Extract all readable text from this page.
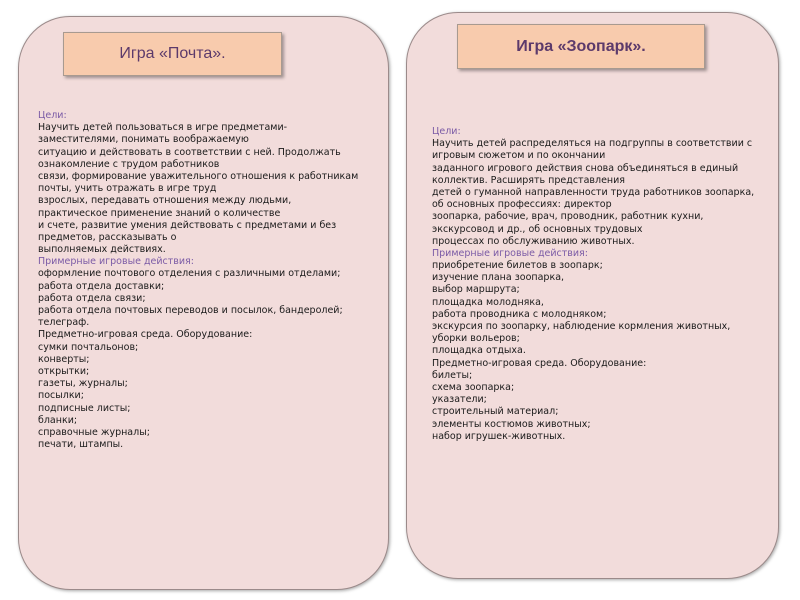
Игра «Почта».	Игра «Зоопарк».
Цели:
Научить детей пользоваться в игре предметами-
заместителями, понимать воображаемую
ситуацию и действовать в соответствии с ней. Продолжать
ознакомление с трудом работников
связи, формирование уважительного отношения к работникам
почты, учить отражать в игре труд
взрослых, передавать отношения между людьми,
практическое применение знаний о количестве
и счете, развитие умения действовать с предметами и без
предметов, рассказывать о
выполняемых действиях.
Примерные игровые действия:
оформление почтового отделения с различными отделами;
работа отдела доставки;
работа отдела связи;
работа отдела почтовых переводов и посылок, бандеролей;
телеграф.
Предметно-игровая среда. Оборудование:
сумки почтальонов;
конверты;
открытки;
газеты, журналы;
посылки;
подписные листы;
бланки;
справочные журналы;
печати, штампы.
Цели:
Научить детей распределяться на подгруппы в соответствии с
игровым сюжетом и по окончании
заданного игрового действия снова объединяться в единый
коллектив. Расширять представления
детей о гуманной направленности труда работников зоопарка,
об основных профессиях: директор
зоопарка, рабочие, врач, проводник, работник кухни,
экскурсовод и др., об основных трудовых
процессах по обслуживанию животных.
Примерные игровые действия:
приобретение билетов в зоопарк;
изучение плана зоопарка,
выбор маршрута;
площадка молодняка,
работа проводника с молодняком;
экскурсия по зоопарку, наблюдение кормления животных,
уборки вольеров;
площадка отдыха.
Предметно-игровая среда. Оборудование:
билеты;
схема зоопарка;
указатели;
строительный материал;
элементы костюмов животных;
набор игрушек-животных.
